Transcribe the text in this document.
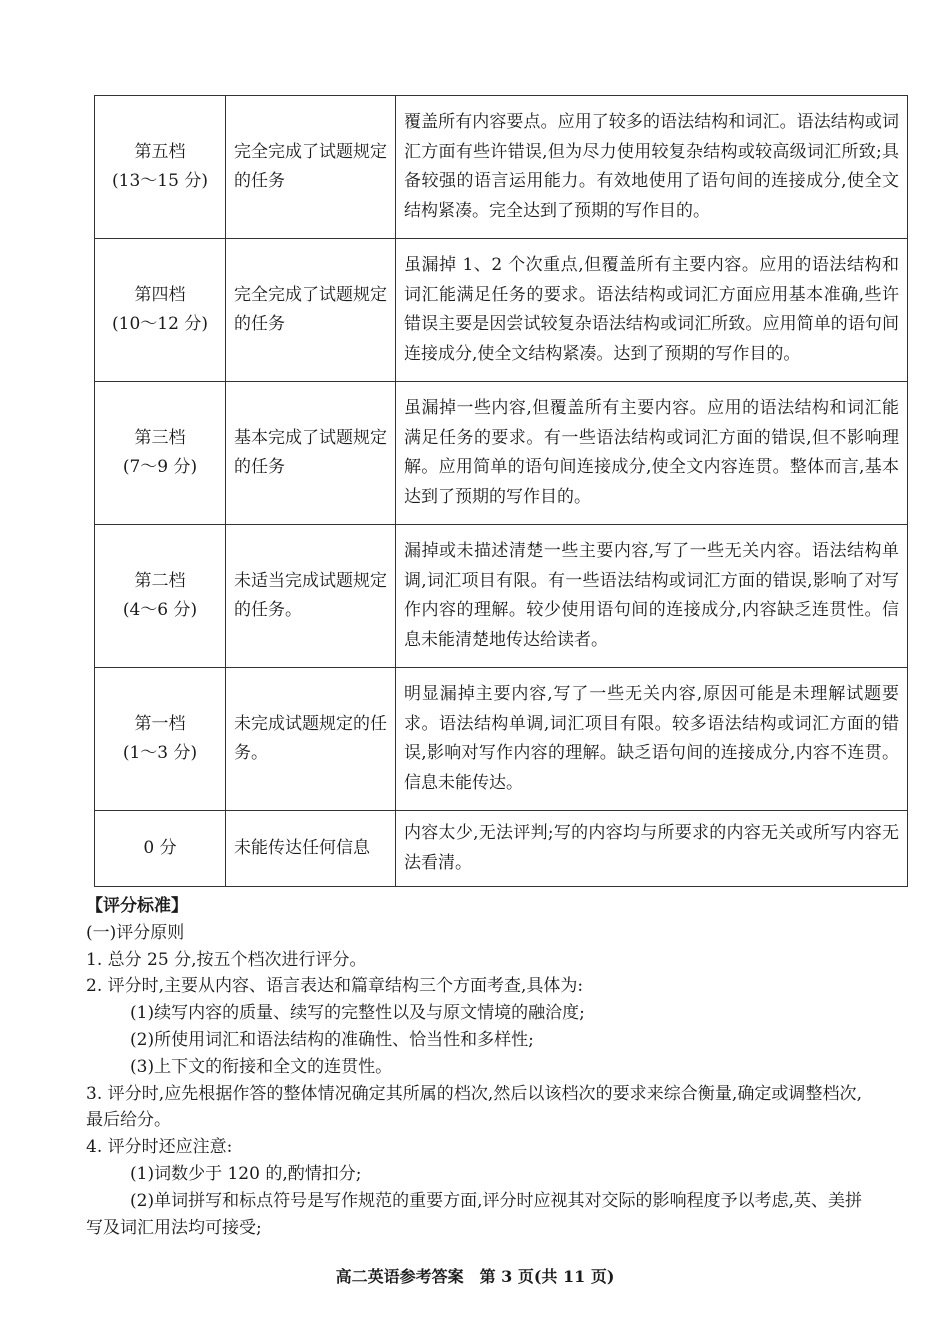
第五档
(13～15 分)	完全完成了试题规定的任务	覆盖所有内容要点。应用了较多的语法结构和词汇。语法结构或词汇方面有些许错误,但为尽力使用较复杂结构或较高级词汇所致;具备较强的语言运用能力。有效地使用了语句间的连接成分,使全文结构紧凑。完全达到了预期的写作目的。

第四档
(10～12 分)	完全完成了试题规定的任务	虽漏掉 1、2 个次重点,但覆盖所有主要内容。应用的语法结构和词汇能满足任务的要求。语法结构或词汇方面应用基本准确,些许错误主要是因尝试较复杂语法结构或词汇所致。应用简单的语句间连接成分,使全文结构紧凑。达到了预期的写作目的。

第三档
(7～9 分)	基本完成了试题规定的任务	虽漏掉一些内容,但覆盖所有主要内容。应用的语法结构和词汇能满足任务的要求。有一些语法结构或词汇方面的错误,但不影响理解。应用简单的语句间连接成分,使全文内容连贯。整体而言,基本达到了预期的写作目的。

第二档
(4～6 分)	未适当完成试题规定的任务。	漏掉或未描述清楚一些主要内容,写了一些无关内容。语法结构单调,词汇项目有限。有一些语法结构或词汇方面的错误,影响了对写作内容的理解。较少使用语句间的连接成分,内容缺乏连贯性。信息未能清楚地传达给读者。

第一档
(1～3 分)	未完成试题规定的任务。	明显漏掉主要内容,写了一些无关内容,原因可能是未理解试题要求。语法结构单调,词汇项目有限。较多语法结构或词汇方面的错误,影响对写作内容的理解。缺乏语句间的连接成分,内容不连贯。信息未能传达。

0 分	未能传达任何信息	内容太少,无法评判;写的内容均与所要求的内容无关或所写内容无法看清。
【评分标准】
(一)评分原则
1. 总分 25 分,按五个档次进行评分。
2. 评分时,主要从内容、语言表达和篇章结构三个方面考查,具体为:
(1)续写内容的质量、续写的完整性以及与原文情境的融洽度;
(2)所使用词汇和语法结构的准确性、恰当性和多样性;
(3)上下文的衔接和全文的连贯性。
3. 评分时,应先根据作答的整体情况确定其所属的档次,然后以该档次的要求来综合衡量,确定或调整档次,最后给分。
4. 评分时还应注意:
(1)词数少于 120 的,酌情扣分;
(2)单词拼写和标点符号是写作规范的重要方面,评分时应视其对交际的影响程度予以考虑,英、美拼写及词汇用法均可接受;
高二英语参考答案　第 3 页(共 11 页)
